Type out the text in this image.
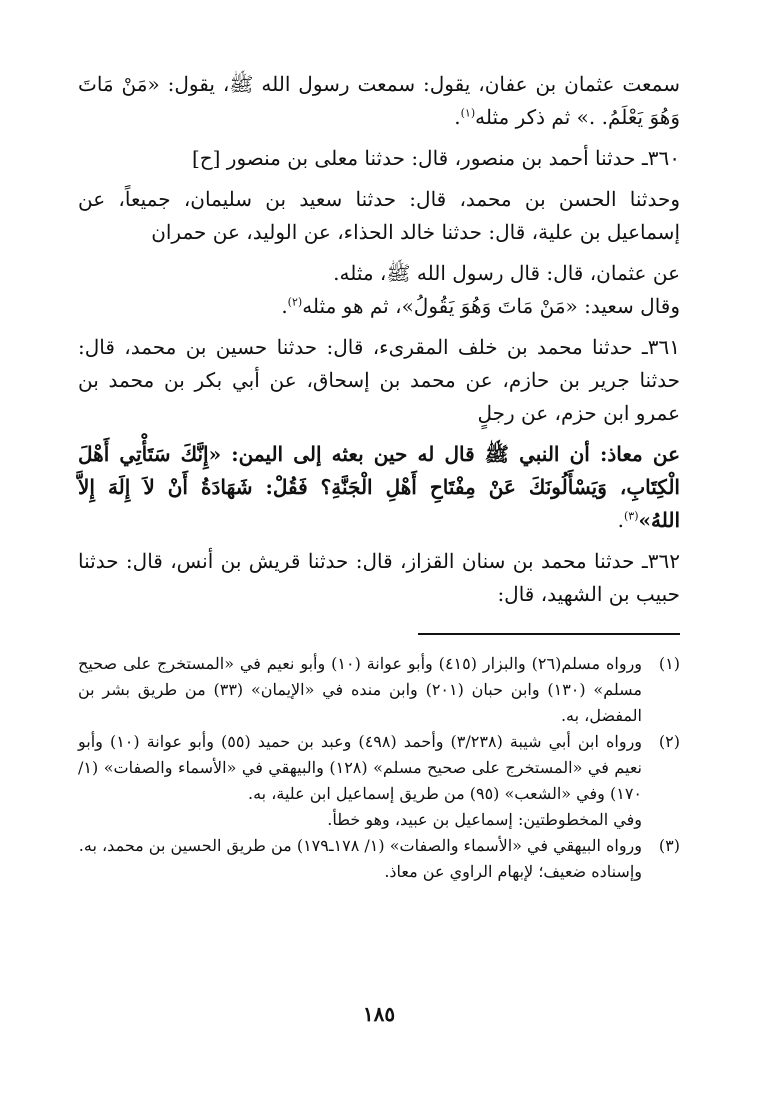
سمعت عثمان بن عفان، يقول: سمعت رسول الله ﷺ، يقول: «مَنْ مَاتَ وَهُوَ يَعْلَمُ. .» ثم ذكر مثله$^{(١)}$.

٣٦٠ـ حدثنا أحمد بن منصور، قال: حدثنا معلى بن منصور [ح]

وحدثنا الحسن بن محمد، قال: حدثنا سعيد بن سليمان، جميعاً، عن إسماعيل بن علية، قال: حدثنا خالد الحذاء، عن الوليد، عن حمران

عن عثمان، قال: قال رسول الله ﷺ، مثله.

وقال سعيد: «مَنْ مَاتَ وَهُوَ يَقُولُ»، ثم هو مثله$^{(٢)}$.

٣٦١ـ حدثنا محمد بن خلف المقرىء، قال: حدثنا حسين بن محمد، قال: حدثنا جرير بن حازم، عن محمد بن إسحاق، عن أبي بكر بن محمد بن عمرو ابن حزم، عن رجلٍ

عن معاذ: أن النبي ﷺ قال له حين بعثه إلى اليمن: «إِنَّكَ سَتَأْتِي أَهْلَ الْكِتَابِ، وَيَسْأَلُونَكَ عَنْ مِفْتَاحِ أَهْلِ الْجَنَّةِ؟ فَقُلْ: شَهَادَةُ أَنْ لاَ إِلَهَ إِلاَّ اللهُ»$^{(٣)}$.

٣٦٢ـ حدثنا محمد بن سنان القزاز، قال: حدثنا قريش بن أنس، قال: حدثنا حبيب بن الشهيد، قال:

(١)
ورواه مسلم(٢٦) والبزار (٤١٥) وأبو عوانة (١٠) وأبو نعيم في «المستخرج على صحيح مسلم» (١٣٠) وابن حبان (٢٠١) وابن منده في «الإيمان» (٣٣) من طريق بشر بن المفضل، به.
(٢)
ورواه ابن أبي شيبة (٣/٢٣٨) وأحمد (٤٩٨) وعبد بن حميد (٥٥) وأبو عوانة (١٠) وأبو نعيم في «المستخرج على صحيح مسلم» (١٢٨) والبيهقي في «الأسماء والصفات» (١/ ١٧٠) وفي «الشعب» (٩٥) من طريق إسماعيل ابن علية، به.
وفي المخطوطتين: إسماعيل بن عبيد، وهو خطأ.
(٣)
ورواه البيهقي في «الأسماء والصفات» (١/ ١٧٨ـ١٧٩) من طريق الحسين بن محمد، به.
وإسناده ضعيف؛ لإبهام الراوي عن معاذ.
١٨٥
